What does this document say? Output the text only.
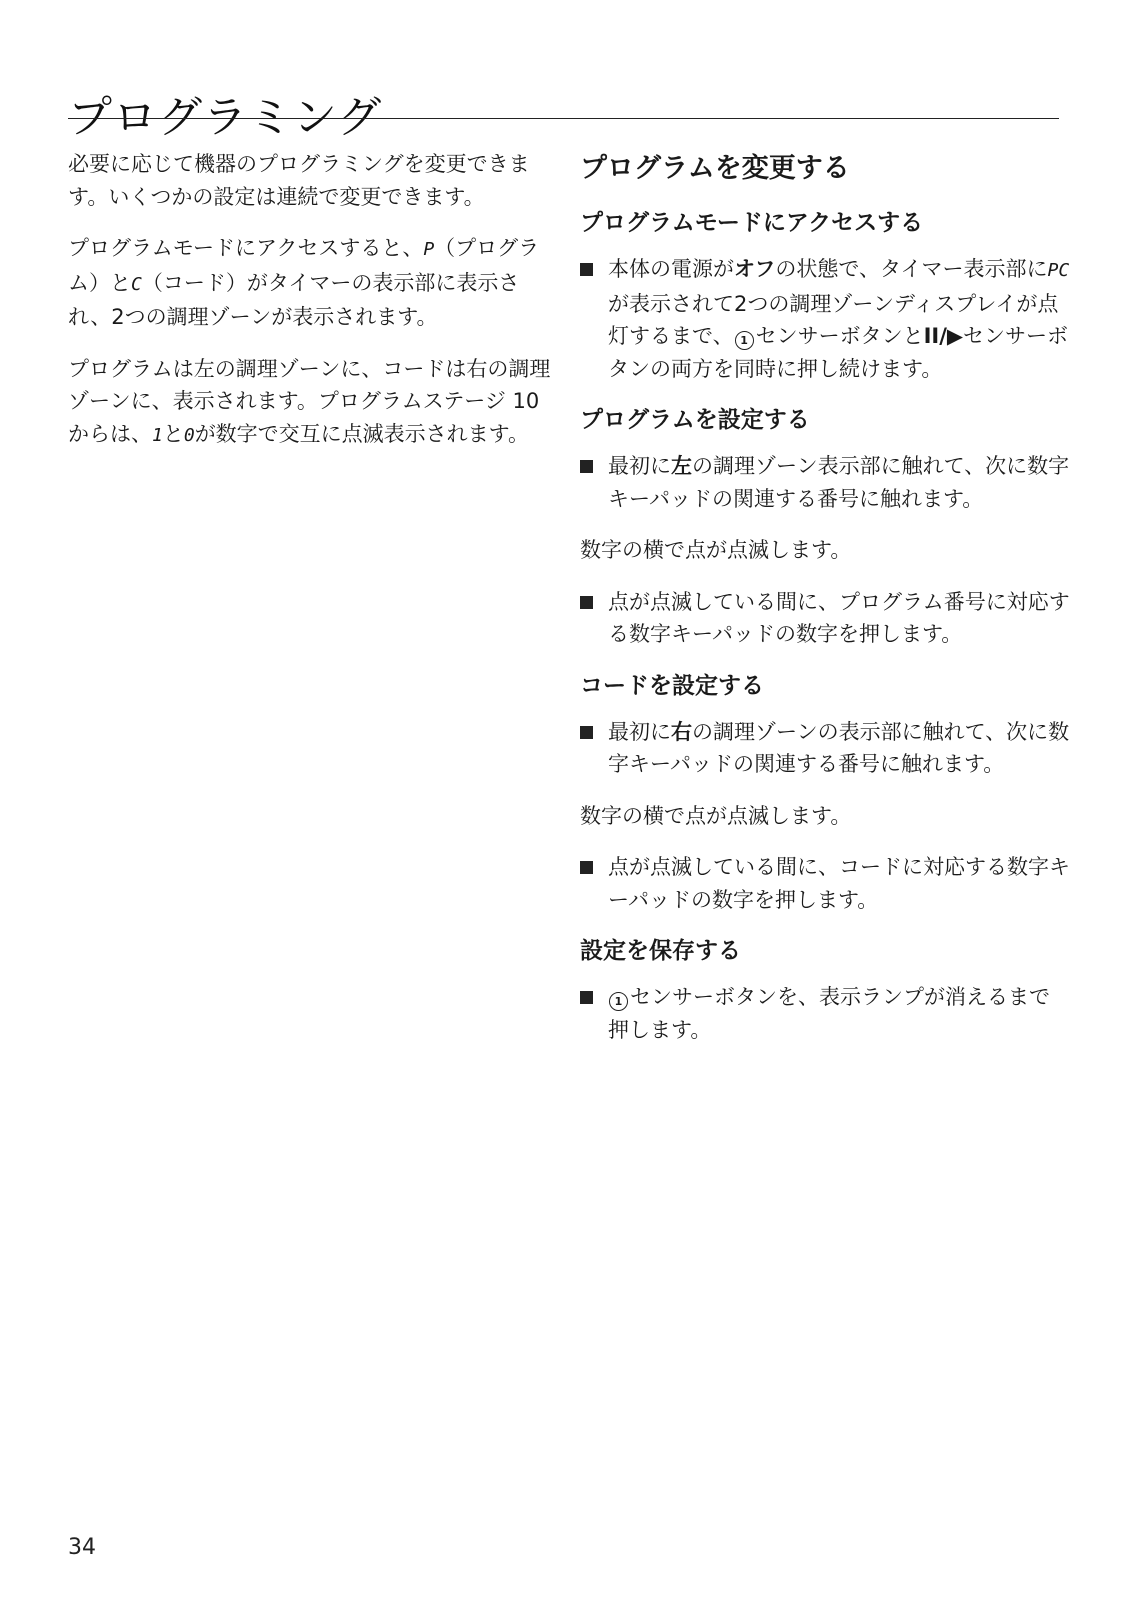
プログラミング

必要に応じて機器のプログラミングを変更できます。いくつかの設定は連続で変更できます。

プログラムモードにアクセスすると、P（プログラム）とC（コード）がタイマーの表示部に表示され、2つの調理ゾーンが表示されます。

プログラムは左の調理ゾーンに、コードは右の調理ゾーンに、表示されます。プログラムステージ 10からは、1と0が数字で交互に点滅表示されます。

プログラムを変更する
プログラムモードにアクセスする
本体の電源がオフの状態で、タイマー表示部にPCが表示されて2つの調理ゾーンディスプレイが点灯するまで、 1 センサーボタンとII/▶センサーボタンの両方を同時に押し続けます。
プログラムを設定する
最初に左の調理ゾーン表示部に触れて、次に数字キーパッドの関連する番号に触れます。

数字の横で点が点滅します。

点が点滅している間に、プログラム番号に対応する数字キーパッドの数字を押します。
コードを設定する
最初に右の調理ゾーンの表示部に触れて、次に数字キーパッドの関連する番号に触れます。

数字の横で点が点滅します。

点が点滅している間に、コードに対応する数字キーパッドの数字を押します。
設定を保存する
1 センサーボタンを、表示ランプが消えるまで押します。
34
